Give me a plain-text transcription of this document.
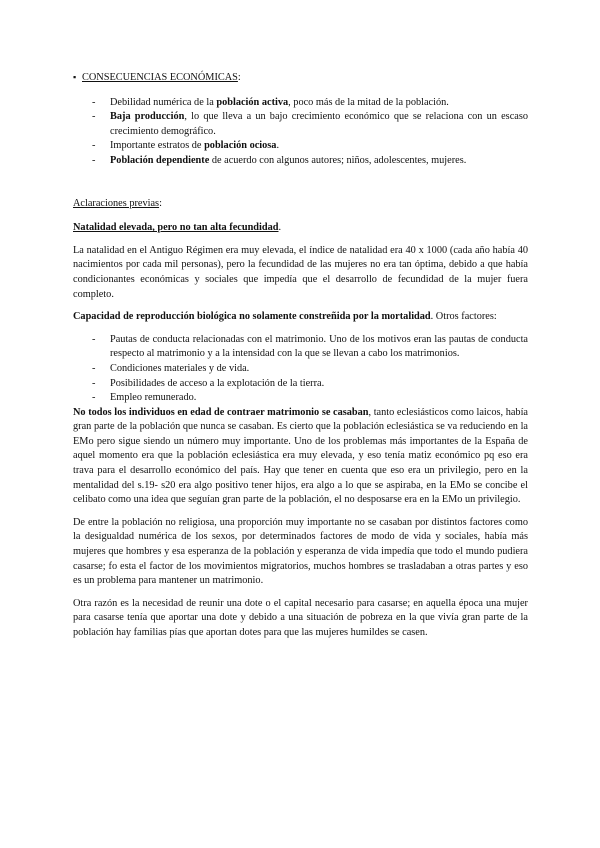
▪ CONSECUENCIAS ECONÓMICAS :
- Debilidad numérica de la población activa, poco más de la mitad de la población.
- Baja producción, lo que lleva a un bajo crecimiento económico que se relaciona con un escaso crecimiento demográfico.
- Importante estratos de población ociosa.
- Población dependiente de acuerdo con algunos autores; niños, adolescentes, mujeres.
Aclaraciones previas:
Natalidad elevada, pero no tan alta fecundidad.

La natalidad en el Antiguo Régimen era muy elevada, el índice de natalidad era 40 x 1000 (cada año había 40 nacimientos por cada mil personas), pero la fecundidad de las mujeres no era tan óptima, debido a que había condicionantes económicas y sociales que impedía que el desarrollo de fecundidad de la mujer fuera completo.

Capacidad de reproducción biológica no solamente constreñida por la mortalidad. Otros factores:

- Pautas de conducta relacionadas con el matrimonio. Uno de los motivos eran las pautas de conducta respecto al matrimonio y a la intensidad con la que se llevan a cabo los matrimonios.
- Condiciones materiales y de vida.
- Posibilidades de acceso a la explotación de la tierra.
- Empleo remunerado.

No todos los individuos en edad de contraer matrimonio se casaban, tanto eclesiásticos como laicos, había gran parte de la población que nunca se casaban. Es cierto que la población eclesiástica se va reduciendo en la EMo pero sigue siendo un número muy importante. Uno de los problemas más importantes de la España de aquel momento era que la población eclesiástica era muy elevada, y eso tenía matiz económico pq eso era trava para el desarrollo económico del país. Hay que tener en cuenta que eso era un privilegio, pero en la mentalidad del s.19- s20 era algo positivo tener hijos, era algo a lo que se aspiraba, en la EMo se concibe el celibato como una idea que seguían gran parte de la población, el no desposarse era en la EMo un privilegio.

De entre la población no religiosa, una proporción muy importante no se casaban por distintos factores como la desigualdad numérica de los sexos, por determinados factores de modo de vida y sociales, había más mujeres que hombres y esa esperanza de la población y esperanza de vida impedía que todo el mundo pudiera casarse; fo esta el factor de los movimientos migratorios, muchos hombres se trasladaban a otras partes y eso es un problema para mantener un matrimonio.

Otra razón es la necesidad de reunir una dote o el capital necesario para casarse; en aquella época una mujer para casarse tenía que aportar una dote y debido a una situación de pobreza en la que vivía gran parte de la población hay familias pías que aportan dotes para que las mujeres humildes se casen.
